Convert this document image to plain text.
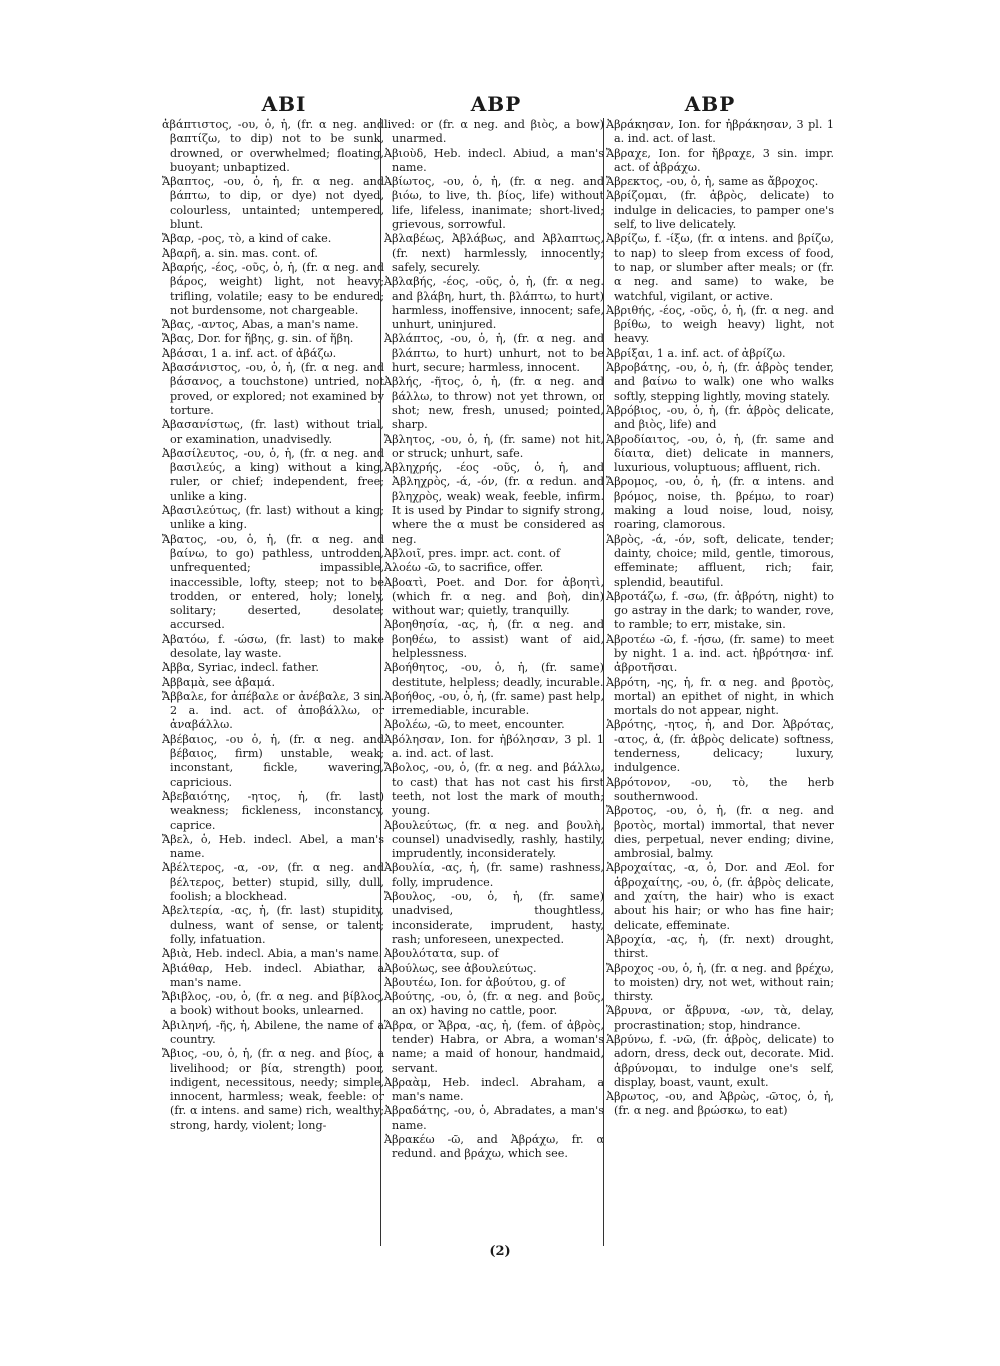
ABI	ABP	ABP
ἀβάπτιστος, -ου, ὁ, ἡ, (fr. α neg. and βαπτίζω, to dip) not to be sunk, drowned, or overwhelmed; floating, buoyant; unbaptized.
Ἄβαπτος, -ου, ὁ, ἡ, fr. α neg. and βάπτω, to dip, or dye) not dyed, colourless, untainted; untempered, blunt.
Ἄβαρ, -ρος, τὸ, a kind of cake.
Ἀβαρῆ, a. sin. mas. cont. of.
Ἀβαρής, -έος, -οῦς, ὁ, ἡ, (fr. α neg. and βάρος, weight) light, not heavy; trifling, volatile; easy to be endured; not burdensome, not chargeable.
Ἄβας, -αντος, Abas, a man's name.
Ἄβας, Dor. for ἥβης, g. sin. of ἥβη.
Ἀβάσαι, 1 a. inf. act. of ἀβάζω.
Ἀβασάνιστος, -ου, ὁ, ἡ, (fr. α neg. and βάσανος, a touchstone) untried, not proved, or explored; not examined by torture.
Ἀβασανίστως, (fr. last) without trial, or examination, unadvisedly.
Ἀβασίλευτος, -ου, ὁ, ἡ, (fr. α neg. and βασιλεύς, a king) without a king, ruler, or chief; independent, free; unlike a king.
Ἀβασιλεύτως, (fr. last) without a king; unlike a king.
Ἄβατος, -ου, ὁ, ἡ, (fr. α neg. and βαίνω, to go) pathless, untrodden, unfrequented; impassible, inaccessible, lofty, steep; not to be trodden, or entered, holy; lonely, solitary; deserted, desolate; accursed.
Ἀβατόω, f. -ώσω, (fr. last) to make desolate, lay waste.
Ἀββα, Syriac, indecl. father.
Ἀββαμὰ, see ἀβαμά.
Ἄββαλε, for ἀπέβαλε or ἀνέβαλε, 3 sin. 2 a. ind. act. of ἀποβάλλω, or ἀναβάλλω.
Ἀβέβαιος, -ου ὁ, ἡ, (fr. α neg. and βέβαιος, firm) unstable, weak; inconstant, fickle, wavering, capricious.
Ἀβεβαιότης, -ητος, ἡ, (fr. last) weakness; fickleness, inconstancy, caprice.
Ἄβελ, ὁ, Heb. indecl. Abel, a man's name.
Ἀβέλτερος, -α, -ον, (fr. α neg. and βέλτερος, better) stupid, silly, dull, foolish; a blockhead.
Ἀβελτερία, -ας, ἡ, (fr. last) stupidity, dulness, want of sense, or talent; folly, infatuation.
Ἀβιὰ, Heb. indecl. Abia, a man's name.
Ἀβιάθαρ, Heb. indecl. Abiathar, a man's name.
Ἄβιβλος, -ου, ὁ, (fr. α neg. and βίβλος, a book) without books, unlearned.
Ἀβιληνή, -ῆς, ἡ, Abilene, the name of a country.
Ἄβιος, -ου, ὁ, ἡ, (fr. α neg. and βίος, a livelihood; or βία, strength) poor, indigent, necessitous, needy; simple, innocent, harmless; weak, feeble: or (fr. α intens. and same) rich, wealthy; strong, hardy, violent; long-
lived: or (fr. α neg. and βιὸς, a bow) unarmed.
Ἀβιοὺδ, Heb. indecl. Abiud, a man's name.
Ἀβίωτος, -ου, ὁ, ἡ, (fr. α neg. and βιόω, to live, th. βίος, life) without life, lifeless, inanimate; short-lived; grievous, sorrowful.
Ἀβλαβέως, Ἀβλάβως, and Ἀβλαπτως, (fr. next) harmlessly, innocently; safely, securely.
Ἀβλαβής, -έος, -οῦς, ὁ, ἡ, (fr. α neg. and βλάβη, hurt, th. βλάπτω, to hurt) harmless, inoffensive, innocent; safe, unhurt, uninjured.
Ἀβλάπτος, -ου, ὁ, ἡ, (fr. α neg. and βλάπτω, to hurt) unhurt, not to be hurt, secure; harmless, innocent.
Ἀβλής, -ῆτος, ὁ, ἡ, (fr. α neg. and βάλλω, to throw) not yet thrown, or shot; new, fresh, unused; pointed, sharp.
Ἄβλητος, -ου, ὁ, ἡ, (fr. same) not hit, or struck; unhurt, safe.
Ἀβληχρής, -έος -οῦς, ὁ, ἡ, and Ἀβληχρὸς, -ά, -όν, (fr. α redun. and βληχρὸς, weak) weak, feeble, infirm. It is used by Pindar to signify strong, where the α must be considered as neg.
Ἀβλοιῖ, pres. impr. act. cont. of
Ἀλοέω -ῶ, to sacrifice, offer.
Ἀβοατὶ, Poet. and Dor. for ἀβοητὶ, (which fr. α neg. and βοὴ, din) without war; quietly, tranquilly.
Ἀβοηθησία, -ας, ἡ, (fr. α neg. and βοηθέω, to assist) want of aid, helplessness.
Ἀβοήθητος, -ου, ὁ, ἡ, (fr. same) destitute, helpless; deadly, incurable.
Ἀβοήθος, -ου, ὁ, ἡ, (fr. same) past help, irremediable, incurable.
Ἀβολέω, -ῶ, to meet, encounter.
Ἀβόλησαν, Ion. for ἠβόλησαν, 3 pl. 1 a. ind. act. of last.
Ἄβολος, -ου, ὁ, (fr. α neg. and βάλλω, to cast) that has not cast his first teeth, not lost the mark of mouth; young.
Ἀβουλεύτως, (fr. α neg. and βουλὴ, counsel) unadvisedly, rashly, hastily, imprudently, inconsiderately.
Ἀβουλία, -ας, ἡ, (fr. same) rashness, folly, imprudence.
Ἄβουλος, -ου, ὁ, ἡ, (fr. same) unadvised, thoughtless, inconsiderate, imprudent, hasty, rash; unforeseen, unexpected.
Ἀβουλότατα, sup. of
Ἀβούλως, see ἀβουλεύτως.
Ἀβουτέω, Ion. for ἀβούτου, g. of
Ἀβούτης, -ου, ὁ, (fr. α neg. and βοῦς, an ox) having no cattle, poor.
Ἅβρα, or Ἄβρα, -ας, ἡ, (fem. of ἁβρὸς, tender) Habra, or Abra, a woman's name; a maid of honour, handmaid, servant.
Ἀβραὰμ, Heb. indecl. Abraham, a man's name.
Ἀβραδάτης, -ου, ὁ, Abradates, a man's name.
Ἀβρακέω -ῶ, and Ἀβράχω, fr. α redund. and βράχω, which see.
Ἀβράκησαν, Ion. for ἠβράκησαν, 3 pl. 1 a. ind. act. of last.
Ἄβραχε, Ion. for ἤβραχε, 3 sin. impr. act. of ἀβράχω.
Ἄβρεκτος, -ου, ὁ, ἡ, same as ἄβροχος.
Ἁβρίζομαι, (fr. ἁβρὸς, delicate) to indulge in delicacies, to pamper one's self, to live delicately.
Ἀβρίζω, f. -ίξω, (fr. α intens. and βρίζω, to nap) to sleep from excess of food, to nap, or slumber after meals; or (fr. α neg. and same) to wake, be watchful, vigilant, or active.
Ἀβριθής, -έος, -οῦς, ὁ, ἡ, (fr. α neg. and βρίθω, to weigh heavy) light, not heavy.
Ἀβρίξαι, 1 a. inf. act. of ἀβρίζω.
Ἁβροβάτης, -ου, ὁ, ἡ, (fr. ἁβρὸς tender, and βαίνω to walk) one who walks softly, stepping lightly, moving stately.
Ἁβρόβιος, -ου, ὁ, ἡ, (fr. ἁβρὸς delicate, and βιὸς, life) and
Ἁβροδίαιτος, -ου, ὁ, ἡ, (fr. same and δίαιτα, diet) delicate in manners, luxurious, voluptuous; affluent, rich.
Ἄβρομος, -ου, ὁ, ἡ, (fr. α intens. and βρόμος, noise, th. βρέμω, to roar) making a loud noise, loud, noisy, roaring, clamorous.
Ἁβρὸς, -ά, -όν, soft, delicate, tender; dainty, choice; mild, gentle, timorous, effeminate; affluent, rich; fair, splendid, beautiful.
Ἀβροτάζω, f. -σω, (fr. ἀβρότη, night) to go astray in the dark; to wander, rove, to ramble; to err, mistake, sin.
Ἀβροτέω -ῶ, f. -ήσω, (fr. same) to meet by night. 1 a. ind. act. ἠβρότησα· inf. ἀβροτῆσαι.
Ἀβρότη, -ης, ἡ, fr. α neg. and βροτὸς, mortal) an epithet of night, in which mortals do not appear, night.
Ἁβρότης, -ητος, ἡ, and Dor. Ἁβρότας, -ατος, ἁ, (fr. ἁβρὸς delicate) softness, tenderness, delicacy; luxury, indulgence.
Ἀβρότονον, -ου, τὸ, the herb southernwood.
Ἄβροτος, -ου, ὁ, ἡ, (fr. α neg. and βροτὸς, mortal) immortal, that never dies, perpetual, never ending; divine, ambrosial, balmy.
Ἁβροχαίτας, -α, ὁ, Dor. and Æol. for ἁβροχαίτης, -ου, ὁ, (fr. ἁβρὸς delicate, and χαίτη, the hair) who is exact about his hair; or who has fine hair; delicate, effeminate.
Ἀβροχία, -ας, ἡ, (fr. next) drought, thirst.
Ἄβροχος -ου, ὁ, ἡ, (fr. α neg. and βρέχω, to moisten) dry, not wet, without rain; thirsty.
Ἅβρυνα, or ἄβρυνα, -ων, τὰ, delay, procrastination; stop, hindrance.
Ἁβρύνω, f. -νῶ, (fr. ἁβρὸς, delicate) to adorn, dress, deck out, decorate. Mid. ἁβρύνομαι, to indulge one's self, display, boast, vaunt, exult.
Ἀβρωτος, -ου, and Ἀβρὼς, -ῶτος, ὁ, ἡ, (fr. α neg. and βρώσκω, to eat)
(2)
